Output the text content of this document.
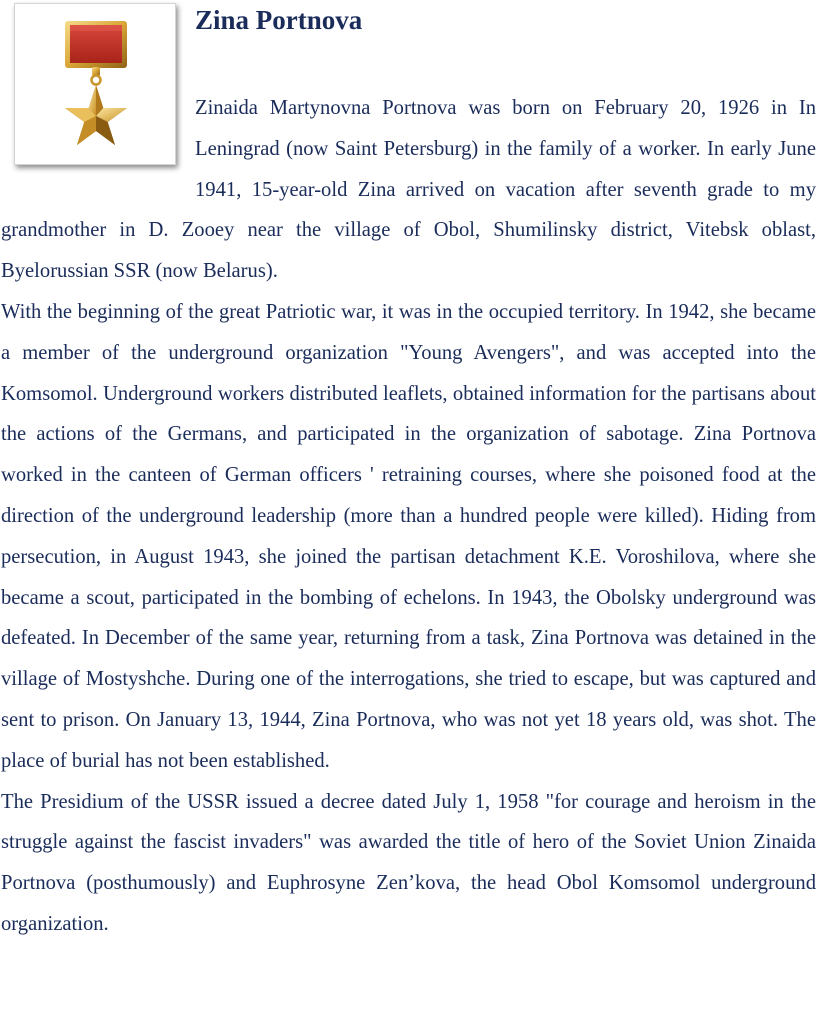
Zina Portnova

Zinaida Martynovna Portnova was born on February 20, 1926 in In Leningrad (now Saint Petersburg) in the family of a worker. In early June 1941, 15-year-old Zina arrived on vacation after seventh grade to my grandmother in D. Zooey near the village of Obol, Shumilinsky district, Vitebsk oblast, Byelorussian SSR (now Belarus).

With the beginning of the great Patriotic war, it was in the occupied territory. In 1942, she became a member of the underground organization "Young Avengers", and was accepted into the Komsomol. Underground workers distributed leaflets, obtained information for the partisans about the actions of the Germans, and participated in the organization of sabotage. Zina Portnova worked in the canteen of German officers ' retraining courses, where she poisoned food at the direction of the underground leadership (more than a hundred people were killed). Hiding from persecution, in August 1943, she joined the partisan detachment K.E. Voroshilova, where she became a scout, participated in the bombing of echelons. In 1943, the Obolsky underground was defeated. In December of the same year, returning from a task, Zina Portnova was detained in the village of Mostyshche. During one of the interrogations, she tried to escape, but was captured and sent to prison. On January 13, 1944, Zina Portnova, who was not yet 18 years old, was shot. The place of burial has not been established.

The Presidium of the USSR issued a decree dated July 1, 1958 "for courage and heroism in the struggle against the fascist invaders" was awarded the title of hero of the Soviet Union Zinaida Portnova (posthumously) and Euphrosyne Zen’kova, the head Obol Komsomol underground organization.
